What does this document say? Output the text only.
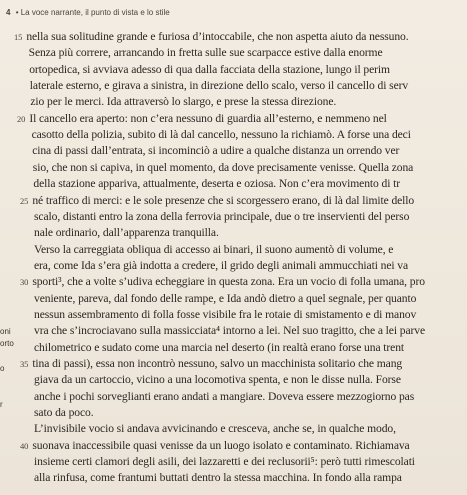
4 • La voce narrante, il punto di vista e lo stile
oni
orto
o
r
15 nella sua solitudine grande e furiosa d’intoccabile, che non aspetta aiuto da nessuno.
Senza più correre, arrancando in fretta sulle sue scarpacce estive dalla enorme
ortopedica, si avviava adesso di qua dalla facciata della stazione, lungo il perim
laterale esterno, e girava a sinistra, in direzione dello scalo, verso il cancello di serv
zio per le merci. Ida attraversò lo slargo, e prese la stessa direzione.
20 Il cancello era aperto: non c’era nessuno di guardia all’esterno, e nemmeno nel
casotto della polizia, subito di là dal cancello, nessuno la richiamò. A forse una deci
cina di passi dall’entrata, si incominciò a udire a qualche distanza un orrendo ver
sio, che non si capiva, in quel momento, da dove precisamente venisse. Quella zona
della stazione appariva, attualmente, deserta e oziosa. Non c’era movimento di tr
25 né traffico di merci: e le sole presenze che si scorgessero erano, di là dal limite dello
scalo, distanti entro la zona della ferrovia principale, due o tre inservienti del perso
nale ordinario, dall’apparenza tranquilla.
Verso la carreggiata obliqua di accesso ai binari, il suono aumentò di volume, e
era, come Ida s’era già indotta a credere, il grido degli animali ammucchiati nei va
30 sporti³, che a volte s’udiva echeggiare in questa zona. Era un vocio di folla umana, pro
veniente, pareva, dal fondo delle rampe, e Ida andò dietro a quel segnale, per quanto
nessun assembramento di folla fosse visibile fra le rotaie di smistamento e di manov
vra che s’incrociavano sulla massicciata⁴ intorno a lei. Nel suo tragitto, che a lei parve
chilometrico e sudato come una marcia nel deserto (in realtà erano forse una trent
35 tina di passi), essa non incontrò nessuno, salvo un macchinista solitario che mang
giava da un cartoccio, vicino a una locomotiva spenta, e non le disse nulla. Forse
anche i pochi sorveglianti erano andati a mangiare. Doveva essere mezzogiorno pas
sato da poco.
L’invisibile vocio si andava avvicinando e cresceva, anche se, in qualche modo,
40 suonava inaccessibile quasi venisse da un luogo isolato e contaminato. Richiamava
insieme certi clamori degli asili, dei lazzaretti e dei reclusorii⁵: però tutti rimescolati
alla rinfusa, come frantumi buttati dentro la stessa macchina. In fondo alla rampa
